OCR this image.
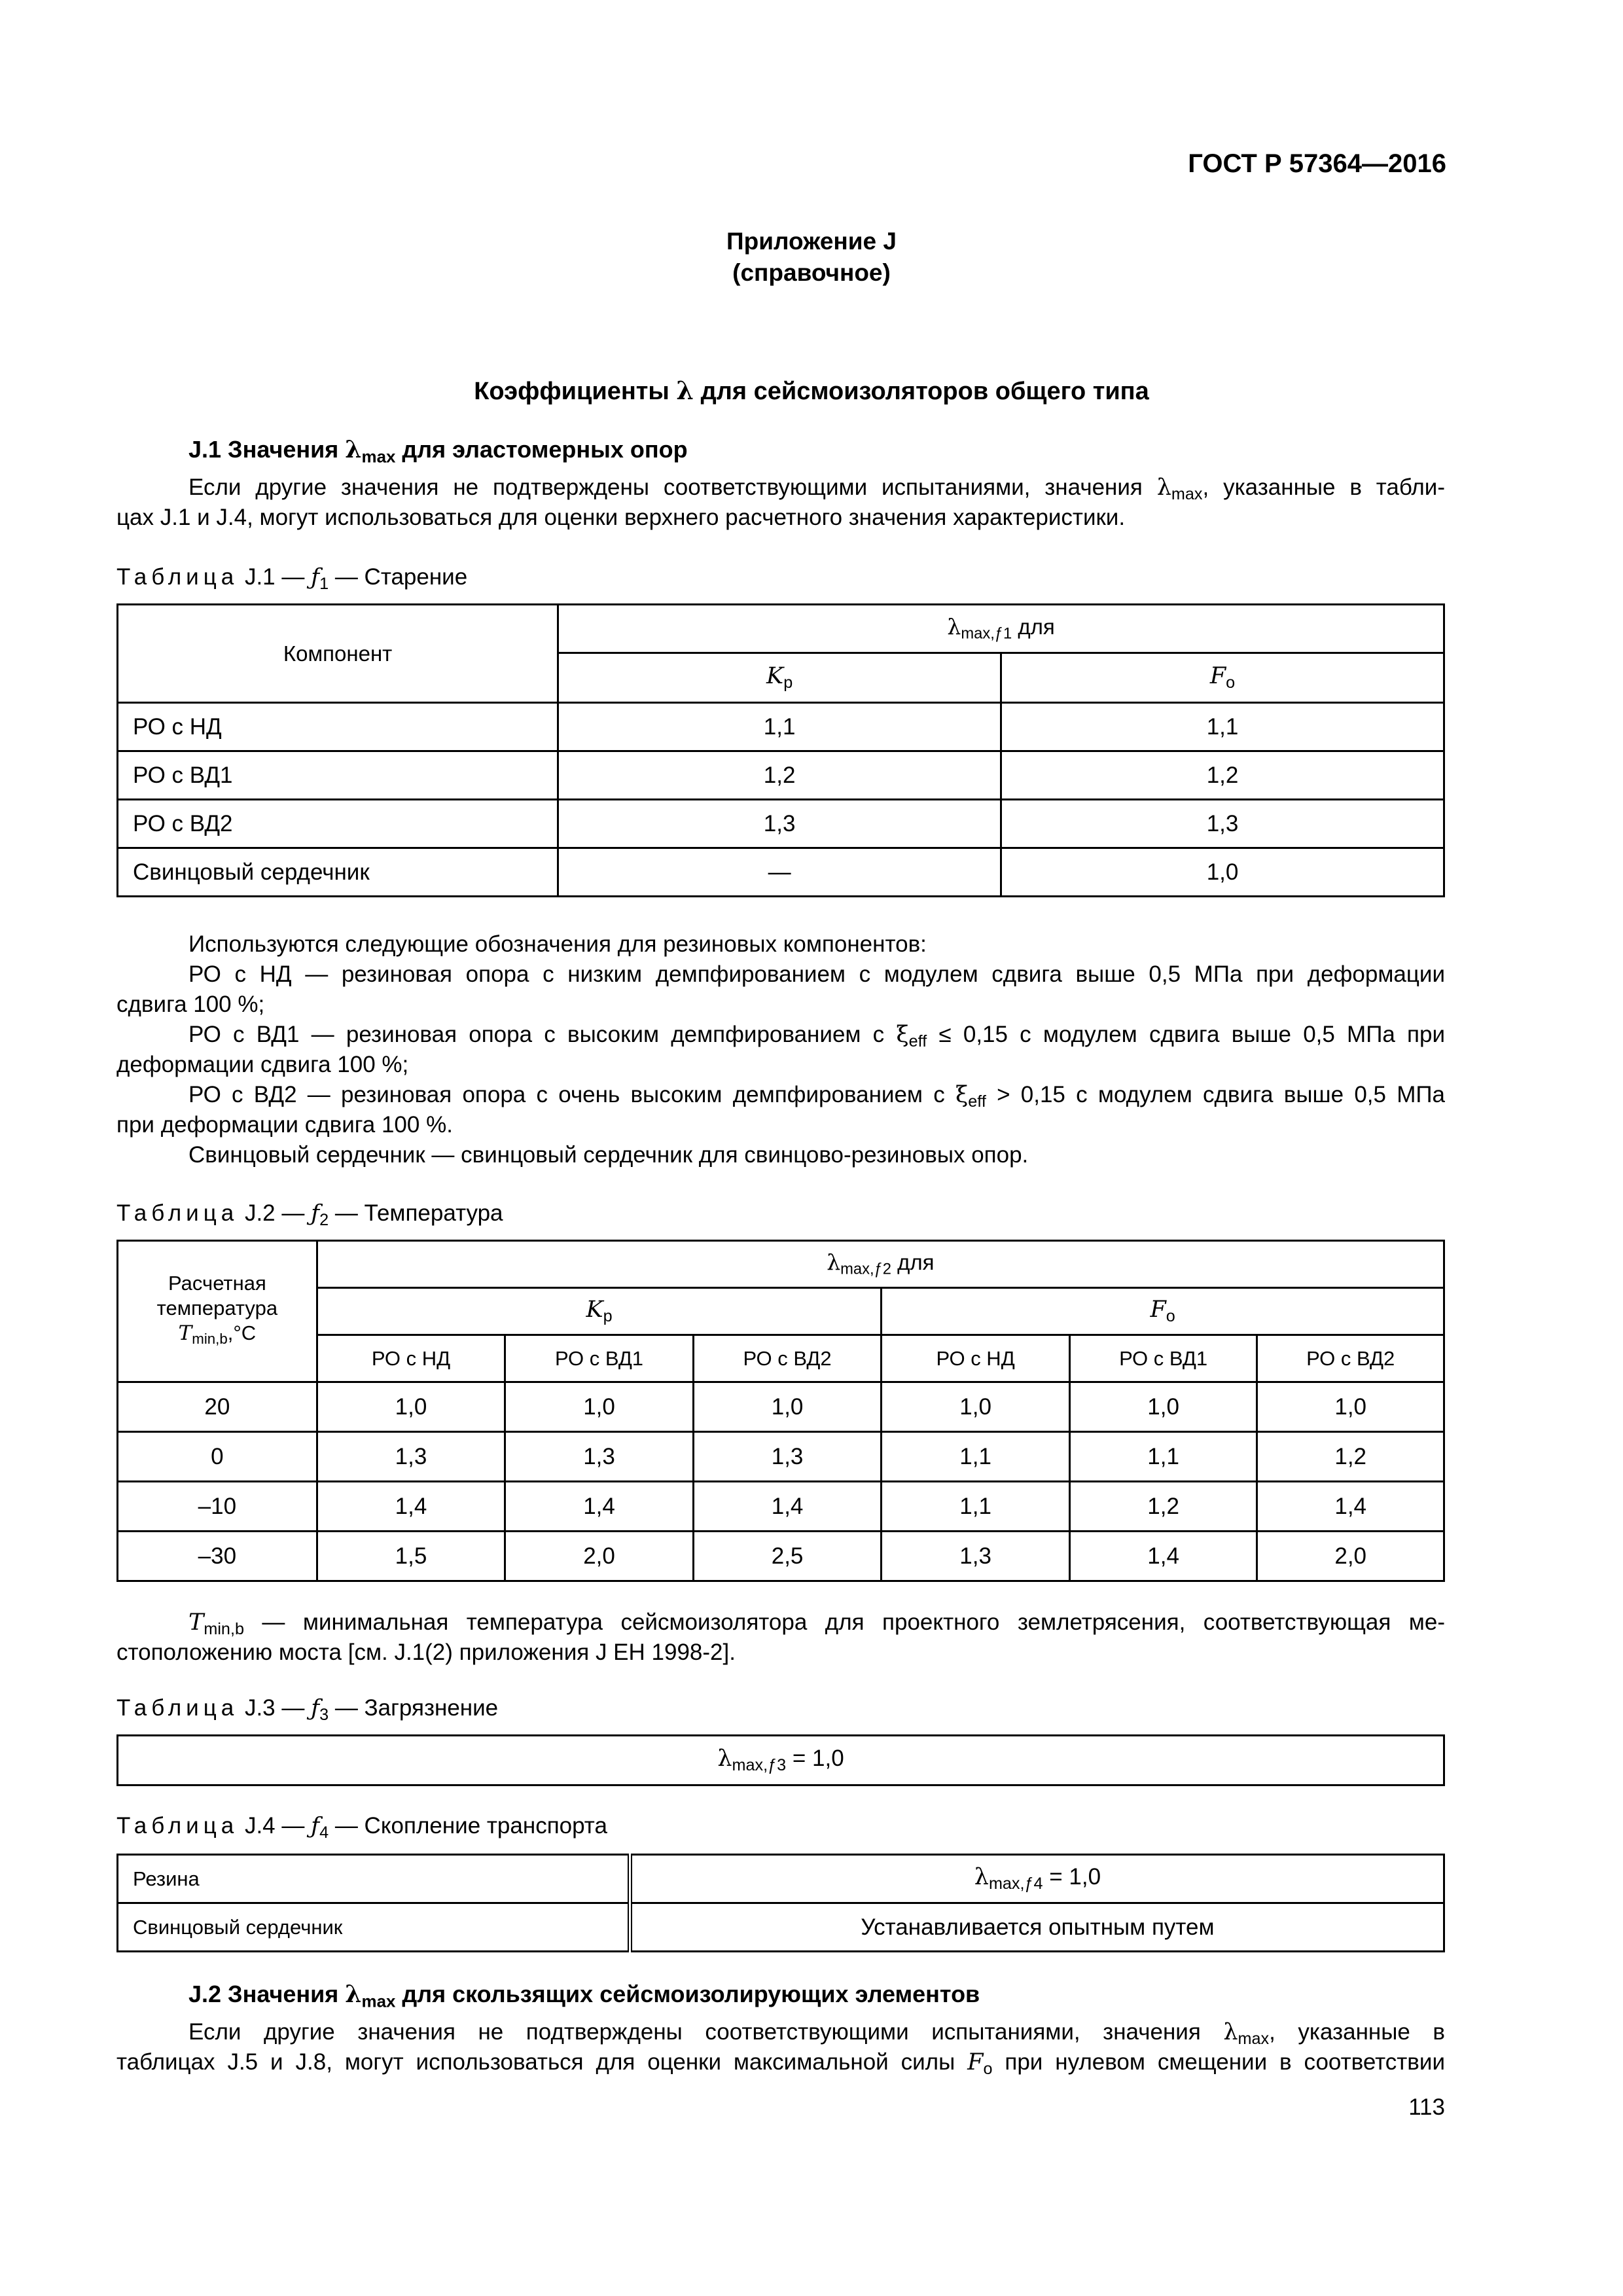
ГОСТ Р 57364—2016
Приложение J
(справочное)
Коэффициенты λ для сейсмоизоляторов общего типа
J.1 Значения $\lambda_{max}$ для эластомерных опор
Если другие значения не подтверждены соответствующими испытаниями, значения $\lambda_{max}$, указанные в табли-
цах J.1 и J.4, могут использоваться для оценки верхнего расчетного значения характеристики.
Таблица J.1 — $ƒ_1$ — Старение
Компонент	$\lambda_{max,ƒ1}$ для	
	$K_p$	$F_o$
РО с НД	1,1	1,1
РО с ВД1	1,2	1,2
РО с ВД2	1,3	1,3
Свинцовый сердечник	—	1,0
Используются следующие обозначения для резиновых компонентов:
РО с НД — резиновая опора с низким демпфированием с модулем сдвига выше 0,5 МПа при деформации
сдвига 100 %;
РО с ВД1 — резиновая опора с высоким демпфированием с $\xi_{eff} \le 0,15$ с модулем сдвига выше 0,5 МПа при
деформации сдвига 100 %;
РО с ВД2 — резиновая опора с очень высоким демпфированием с $\xi_{eff} > 0,15$ с модулем сдвига выше 0,5 МПа
при деформации сдвига 100 %.
Свинцовый сердечник — свинцовый сердечник для свинцово-резиновых опор.
Таблица J.2 — $ƒ_2$ — Температура
Расчетная
температура
$T_{min,b},^\circ C$	$\lambda_{max,ƒ2}$ для					
	$K_p$			$F_o$
	РО с НД	РО с ВД1	РО с ВД2	РО с НД	РО с ВД1	РО с ВД2
20	1,0	1,0	1,0	1,0	1,0	1,0
0	1,3	1,3	1,3	1,1	1,1	1,2
–10	1,4	1,4	1,4	1,1	1,2	1,4
–30	1,5	2,0	2,5	1,3	1,4	2,0
$T_{min,b}$ — минимальная температура сейсмоизолятора для проектного землетрясения, соответствующая ме-
стоположению моста [см. J.1(2) приложения J ЕН 1998-2].
Таблица J.3 — $ƒ_3$ — Загрязнение
$\lambda_{max,ƒ3} = 1,0$
Таблица J.4 — $ƒ_4$ — Скопление транспорта
Резина	$\lambda_{max,ƒ4} = 1,0$
Свинцовый сердечник	Устанавливается опытным путем
J.2 Значения $\lambda_{max}$ для скользящих сейсмоизолирующих элементов
Если другие значения не подтверждены соответствующими испытаниями, значения $\lambda_{max}$, указанные в
таблицах J.5 и J.8, могут использоваться для оценки максимальной силы $F_o$ при нулевом смещении в соответствии
113
